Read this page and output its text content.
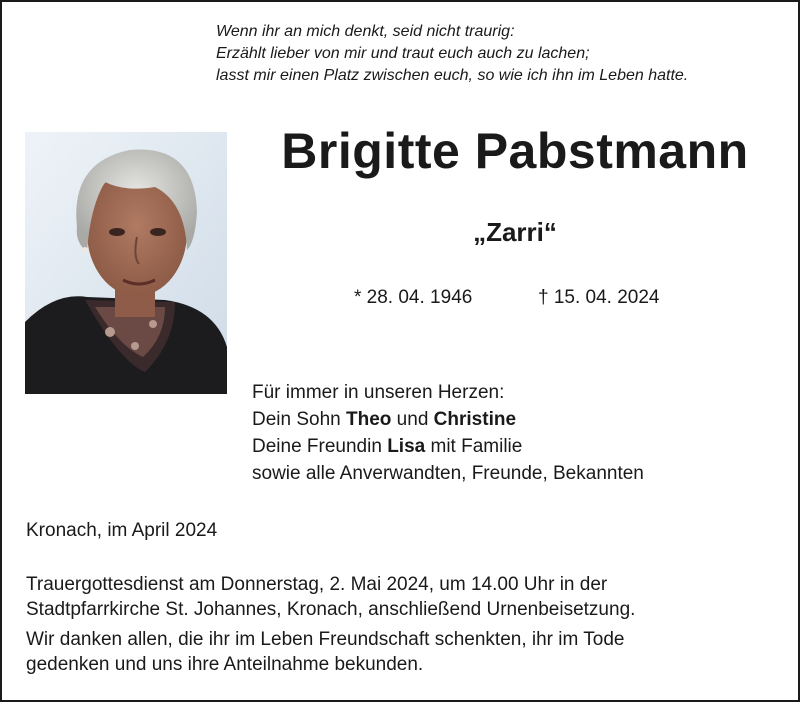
Wenn ihr an mich denkt, seid nicht traurig:
Erzählt lieber von mir und traut euch auch zu lachen;
lasst mir einen Platz zwischen euch, so wie ich ihn im Leben hatte.
Brigitte Pabstmann
„Zarri“
* 28. 04. 1946	† 15. 04. 2024
Für immer in unseren Herzen:
Dein Sohn Theo und Christine
Deine Freundin Lisa mit Familie
sowie alle Anverwandten, Freunde, Bekannten
Kronach, im April 2024
Trauergottesdienst am Donnerstag, 2. Mai 2024, um 14.00 Uhr in der
Stadtpfarrkirche St. Johannes, Kronach, anschließend Urnenbeisetzung.
Wir danken allen, die ihr im Leben Freundschaft schenkten, ihr im Tode
gedenken und uns ihre Anteilnahme bekunden.
